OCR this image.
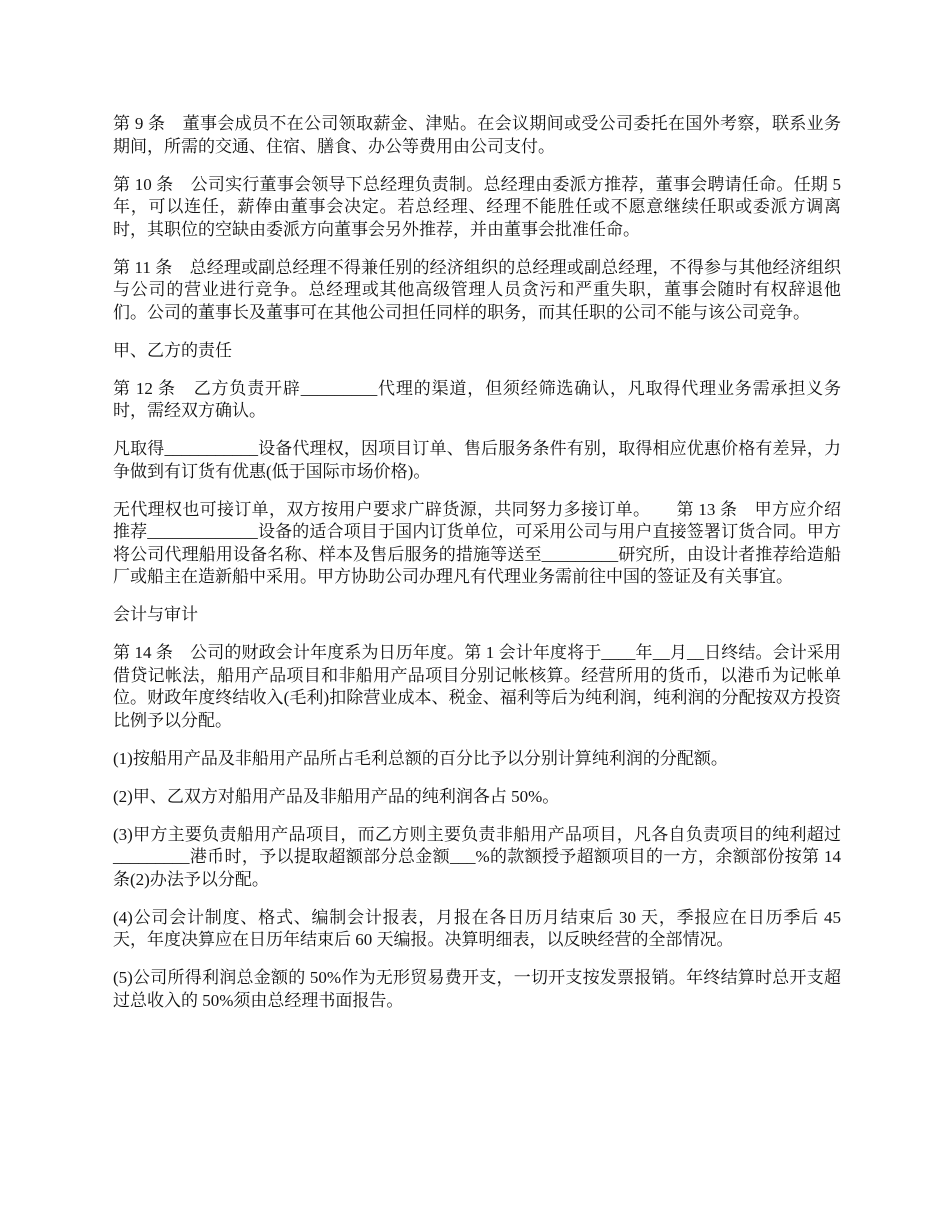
第 9 条　董事会成员不在公司领取薪金、津贴。在会议期间或受公司委托在国外考察，联系业务期间，所需的交通、住宿、膳食、办公等费用由公司支付。

第 10 条　公司实行董事会领导下总经理负责制。总经理由委派方推荐，董事会聘请任命。任期 5 年，可以连任，薪俸由董事会决定。若总经理、经理不能胜任或不愿意继续任职或委派方调离时，其职位的空缺由委派方向董事会另外推荐，并由董事会批准任命。

第 11 条　总经理或副总经理不得兼任别的经济组织的总经理或副总经理，不得参与其他经济组织与公司的营业进行竞争。总经理或其他高级管理人员贪污和严重失职，董事会随时有权辞退他们。公司的董事长及董事可在其他公司担任同样的职务，而其任职的公司不能与该公司竞争。

甲、乙方的责任

第 12 条　乙方负责开辟_________代理的渠道，但须经筛选确认，凡取得代理业务需承担义务时，需经双方确认。

凡取得___________设备代理权，因项目订单、售后服务条件有别，取得相应优惠价格有差异，力争做到有订货有优惠(低于国际市场价格)。

无代理权也可接订单，双方按用户要求广辟货源，共同努力多接订单。　　第 13 条　甲方应介绍推荐_____________设备的适合项目于国内订货单位，可采用公司与用户直接签署订货合同。甲方将公司代理船用设备名称、样本及售后服务的措施等送至_________研究所，由设计者推荐给造船厂或船主在造新船中采用。甲方协助公司办理凡有代理业务需前往中国的签证及有关事宜。

会计与审计

第 14 条　公司的财政会计年度系为日历年度。第 1 会计年度将于____年__月__日终结。会计采用借贷记帐法，船用产品项目和非船用产品项目分别记帐核算。经营所用的货币，以港币为记帐单位。财政年度终结收入(毛利)扣除营业成本、税金、福利等后为纯利润，纯利润的分配按双方投资比例予以分配。

(1)按船用产品及非船用产品所占毛利总额的百分比予以分别计算纯利润的分配额。

(2)甲、乙双方对船用产品及非船用产品的纯利润各占 50%。

(3)甲方主要负责船用产品项目，而乙方则主要负责非船用产品项目，凡各自负责项目的纯利超过_________港币时，予以提取超额部分总金额___%的款额授予超额项目的一方，余额部份按第 14 条(2)办法予以分配。

(4)公司会计制度、格式、编制会计报表，月报在各日历月结束后 30 天，季报应在日历季后 45 天，年度决算应在日历年结束后 60 天编报。决算明细表，以反映经营的全部情况。

(5)公司所得利润总金额的 50%作为无形贸易费开支，一切开支按发票报销。年终结算时总开支超过总收入的 50%须由总经理书面报告。
